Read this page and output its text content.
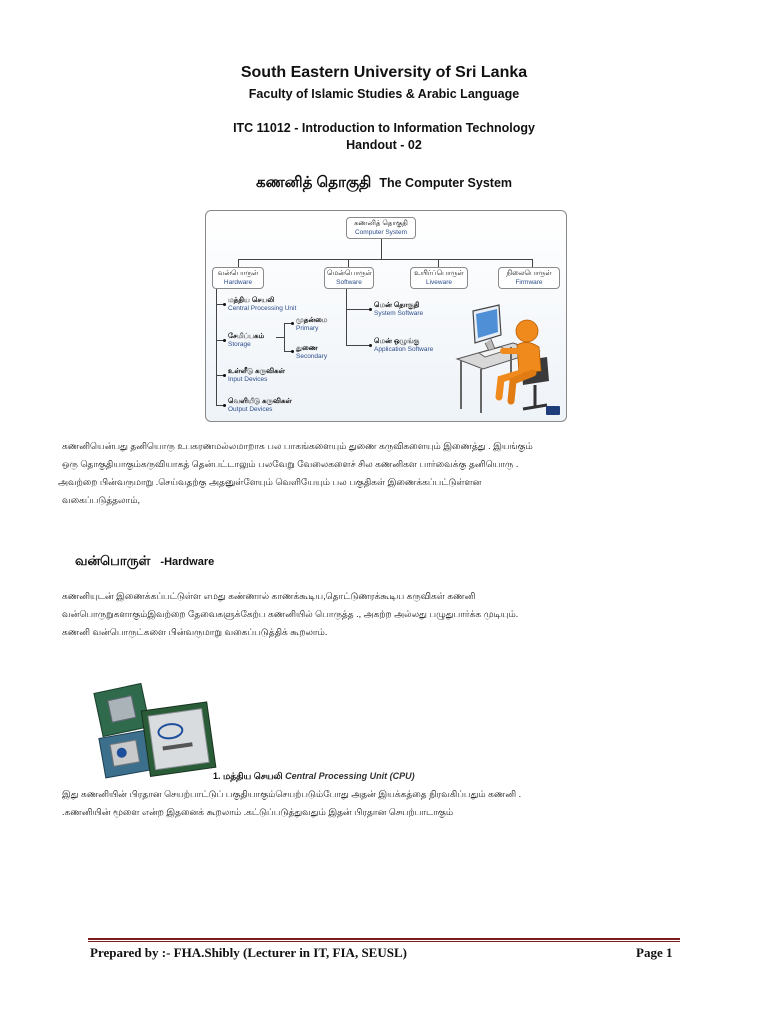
South Eastern University of Sri Lanka
Faculty of Islamic Studies & Arabic Language
ITC 11012 - Introduction to Information Technology
Handout - 02
கணனித் தொகுதி The Computer System
கணனித் தொகுதி
Computer System
வன்பொருள்
Hardware
மென்பொருள்
Software
உயிர்ப்பொருள்
Liveware
நிலைபொருள்
Firmware
மத்திய செயலி
Central Processing Unit
சேமிப்பகம்
Storage
முதன்மை
Primary
துணை
Secondary
உள்ளீடு கருவிகள்
Input Devices
வெளியீடு கருவிகள்
Output Devices
மென் தொகுதி
System Software
மென் ஒழுங்கு
Application Software
கணனியென்பது தனியொரு உபகரணமல்லமாறாக பல பாகங்களையும் துணை கருவிகளையும் இணைத்து . இயங்கும்
ஒரு தொகுதியாகும்கருவியாகத் தென்பட்டாலும் பலவேறு வேலைகளைச் சில கணனிகள பார்வைக்கு தனியொரு .
அவற்றை பின்வருமாறு .செய்வதற்கு அதனுள்ளேயும் வெளியேயும் பல பகுதிகள் இணைக்கப்பட்டுள்ளன
வகைப்படுத்தலாம்,
வன்பொருள் -Hardware
கணனியுடன் இணைக்கப்பட்டுள்ள எமது கண்ணால் காணக்கூடிய,தொட்டுணரக்கூடிய கருவிகள் கணனி
வன்பொருறுகளாகும்இவற்றை தேவைகளுக்கேற்ப கணனியில் பொருத்த ., அகற்ற அல்லது பழுதுபார்க்க முடியும்.
கணனி வன்பொருட்களை பின்வருமாறு வகைப்படுத்திக் கூறலாம்.
1. மத்திய செயலி Central Processing Unit (CPU)
இது கணனியின் பிரதான செயற்பாட்டுப் பகுதியாகும்செயற்படும்போது அதன் இயக்கத்தை நிரவகிப்பதும் கணனி .
.கணனியின் மூளை என்ற இதனைக் கூறலாம் .கட்டுப்படுத்துவதும் இதன் பிரதான செயற்பாடாகும்
Prepared by :- FHA.Shibly (Lecturer in IT, FIA, SEUSL)	Page 1
